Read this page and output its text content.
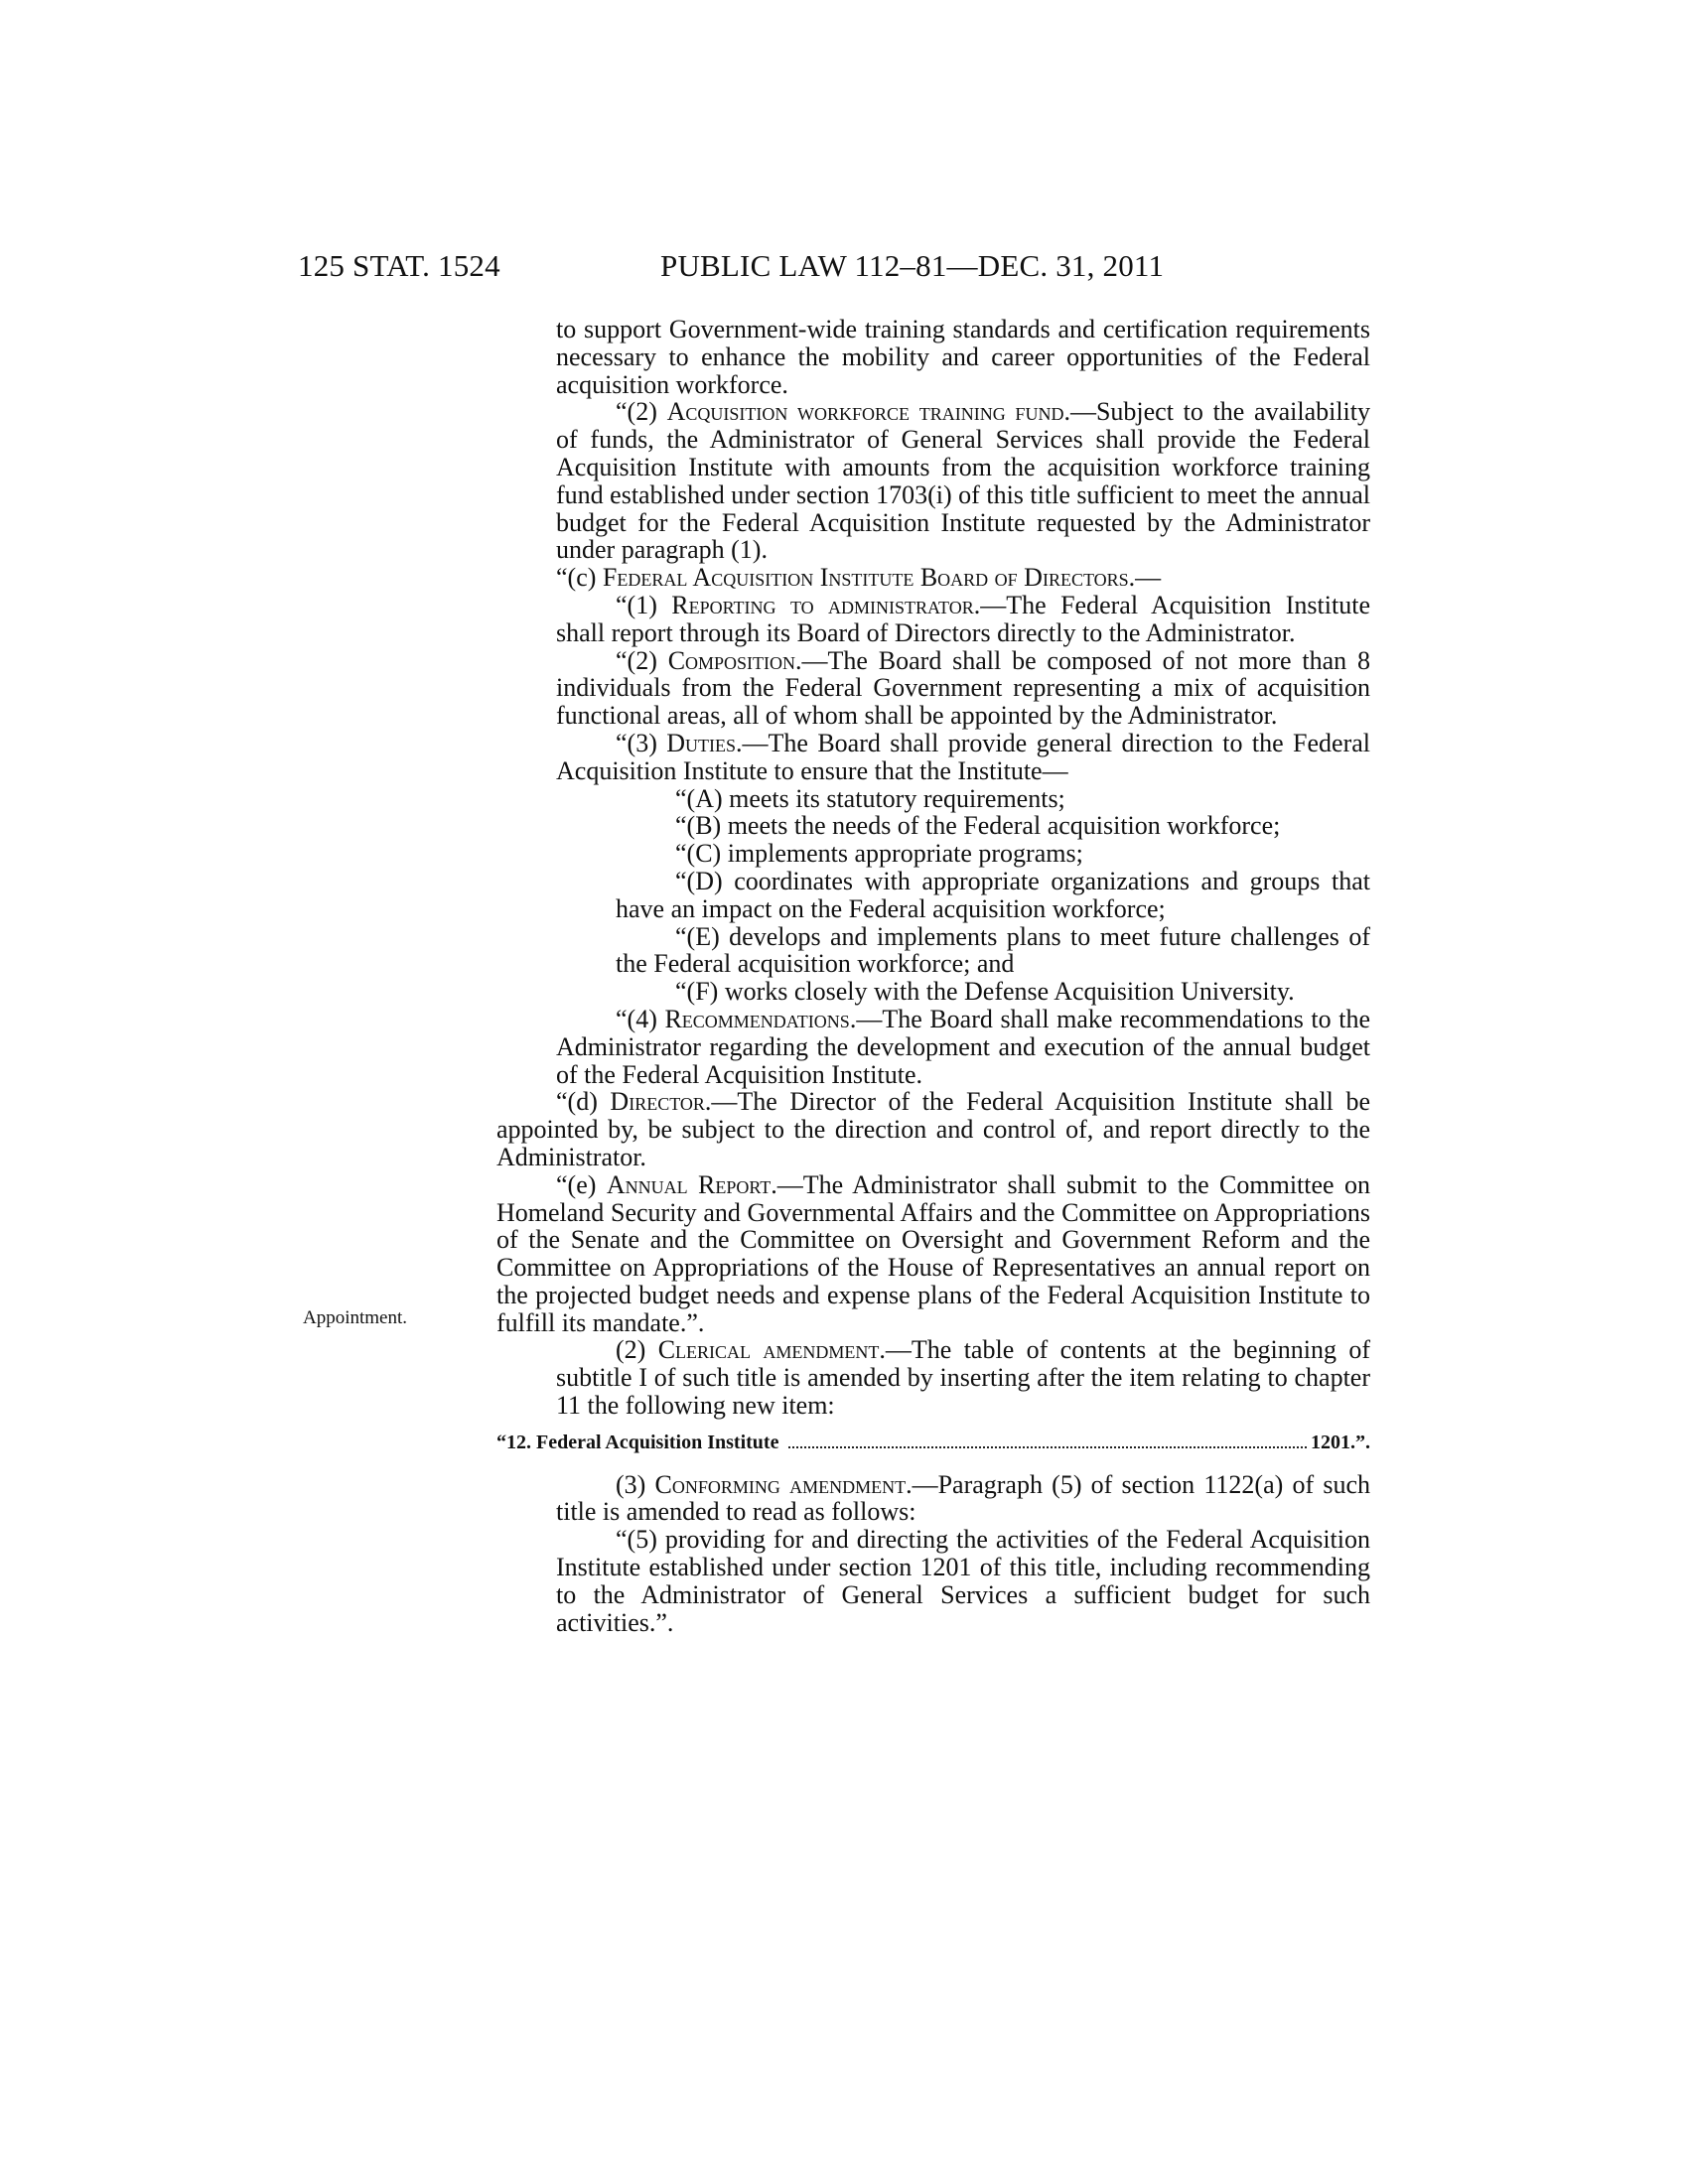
125 STAT. 1524	PUBLIC LAW 112–81—DEC. 31, 2011
Appointment.

to support Government-wide training standards and certification requirements necessary to enhance the mobility and career opportunities of the Federal acquisition workforce.

“(2) Acquisition workforce training fund.—Subject to the availability of funds, the Administrator of General Services shall provide the Federal Acquisition Institute with amounts from the acquisition workforce training fund established under section 1703(i) of this title sufficient to meet the annual budget for the Federal Acquisition Institute requested by the Administrator under paragraph (1).

“(c) Federal Acquisition Institute Board of Directors.—

“(1) Reporting to administrator.—The Federal Acquisition Institute shall report through its Board of Directors directly to the Administrator.

“(2) Composition.—The Board shall be composed of not more than 8 individuals from the Federal Government representing a mix of acquisition functional areas, all of whom shall be appointed by the Administrator.

“(3) Duties.—The Board shall provide general direction to the Federal Acquisition Institute to ensure that the Institute—

“(A) meets its statutory requirements;

“(B) meets the needs of the Federal acquisition workforce;

“(C) implements appropriate programs;

“(D) coordinates with appropriate organizations and groups that have an impact on the Federal acquisition workforce;

“(E) develops and implements plans to meet future challenges of the Federal acquisition workforce; and

“(F) works closely with the Defense Acquisition University.

“(4) Recommendations.—The Board shall make recommendations to the Administrator regarding the development and execution of the annual budget of the Federal Acquisition Institute.

“(d) Director.—The Director of the Federal Acquisition Institute shall be appointed by, be subject to the direction and control of, and report directly to the Administrator.

“(e) Annual Report.—The Administrator shall submit to the Committee on Homeland Security and Governmental Affairs and the Committee on Appropriations of the Senate and the Committee on Oversight and Government Reform and the Committee on Appropriations of the House of Representatives an annual report on the projected budget needs and expense plans of the Federal Acquisition Institute to fulfill its mandate.”.

(2) Clerical amendment.—The table of contents at the beginning of subtitle I of such title is amended by inserting after the item relating to chapter 11 the following new item:

“12. Federal Acquisition Institute	1201.”.

(3) Conforming amendment.—Paragraph (5) of section 1122(a) of such title is amended to read as follows:

“(5) providing for and directing the activities of the Federal Acquisition Institute established under section 1201 of this title, including recommending to the Administrator of General Services a sufficient budget for such activities.”.
